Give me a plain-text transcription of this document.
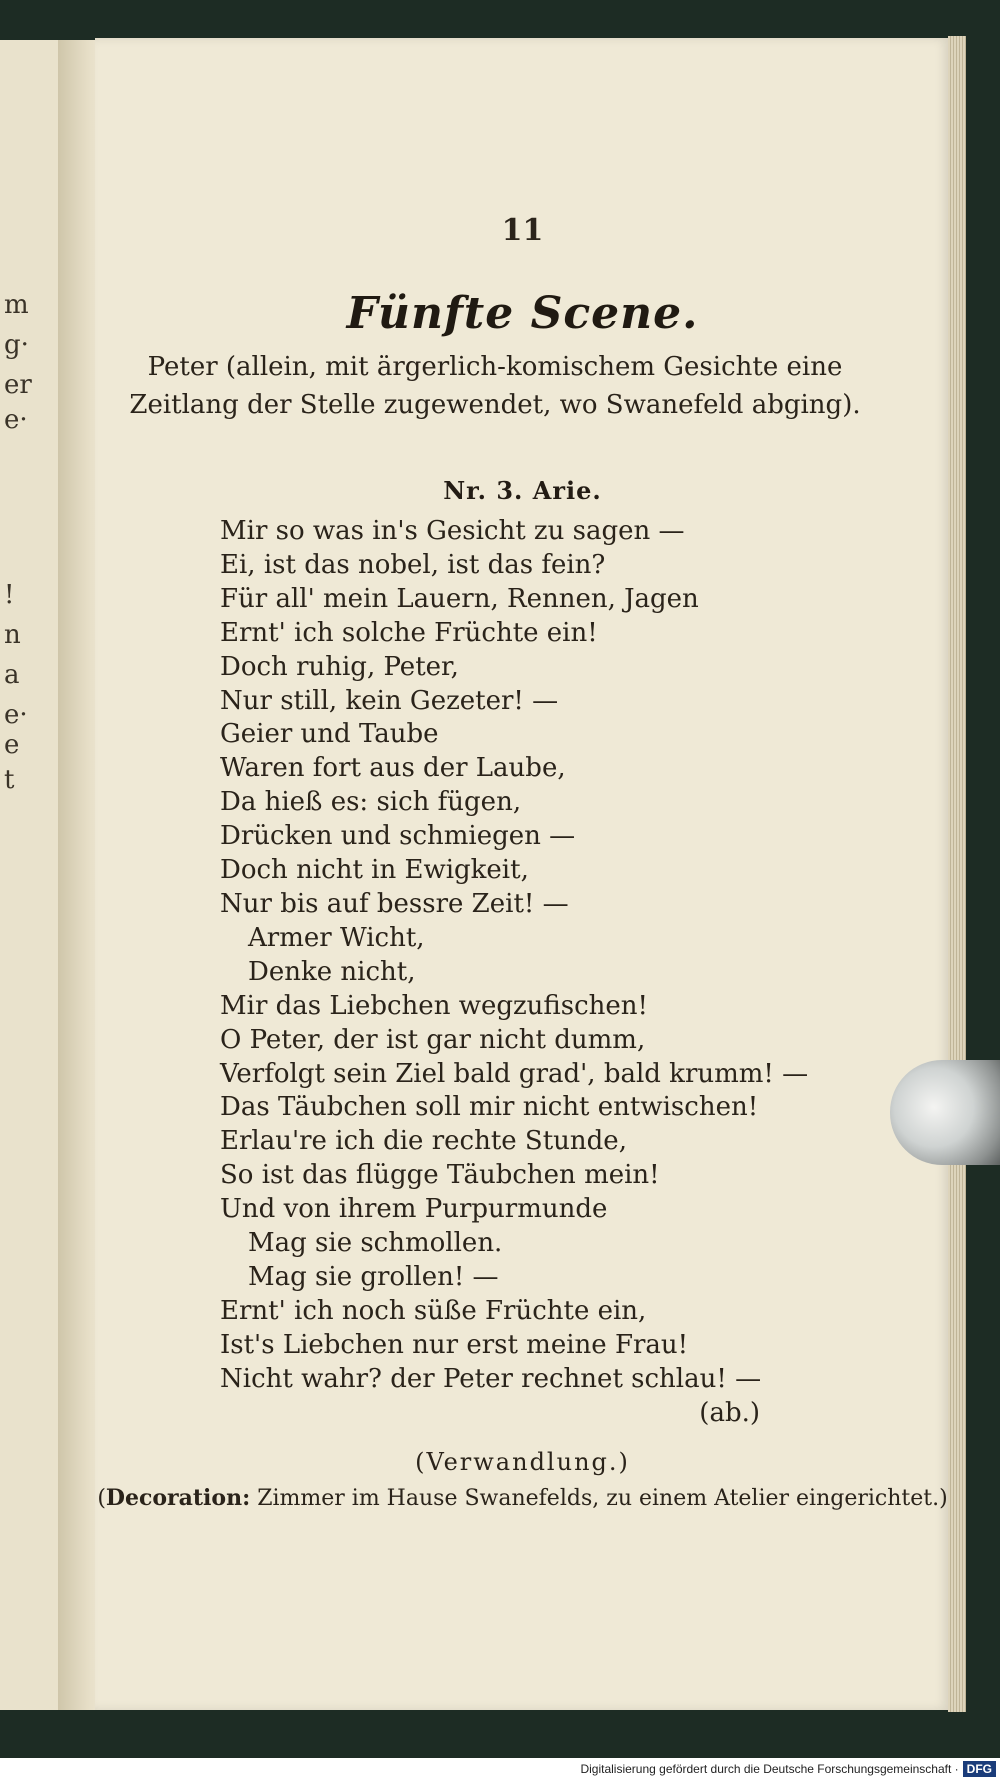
m
g·
er
e·
!
n
a
e·
e
t
11
Fünfte Scene.
Peter (allein, mit ärgerlich-komischem Gesichte eine Zeitlang der Stelle zugewendet, wo Swanefeld abging).
Nr. 3. Arie.
Mir so was in's Gesicht zu sagen —
Ei, ist das nobel, ist das fein?
Für all' mein Lauern, Rennen, Jagen
Ernt' ich solche Früchte ein!
Doch ruhig, Peter,
Nur still, kein Gezeter! —
Geier und Taube
Waren fort aus der Laube,
Da hieß es: sich fügen,
Drücken und schmiegen —
Doch nicht in Ewigkeit,
Nur bis auf bessre Zeit! —
Armer Wicht,
Denke nicht,
Mir das Liebchen wegzufischen!
O Peter, der ist gar nicht dumm,
Verfolgt sein Ziel bald grad', bald krumm! —
Das Täubchen soll mir nicht entwischen!
Erlau're ich die rechte Stunde,
So ist das flügge Täubchen mein!
Und von ihrem Purpurmunde
Mag sie schmollen.
Mag sie grollen! —
Ernt' ich noch süße Früchte ein,
Ist's Liebchen nur erst meine Frau!
Nicht wahr? der Peter rechnet schlau! —
(ab.)
(Verwandlung.)
(Decoration: Zimmer im Hause Swanefelds, zu einem Atelier eingerichtet.)
Digitalisierung gefördert durch die Deutsche Forschungsgemeinschaft · DFG
